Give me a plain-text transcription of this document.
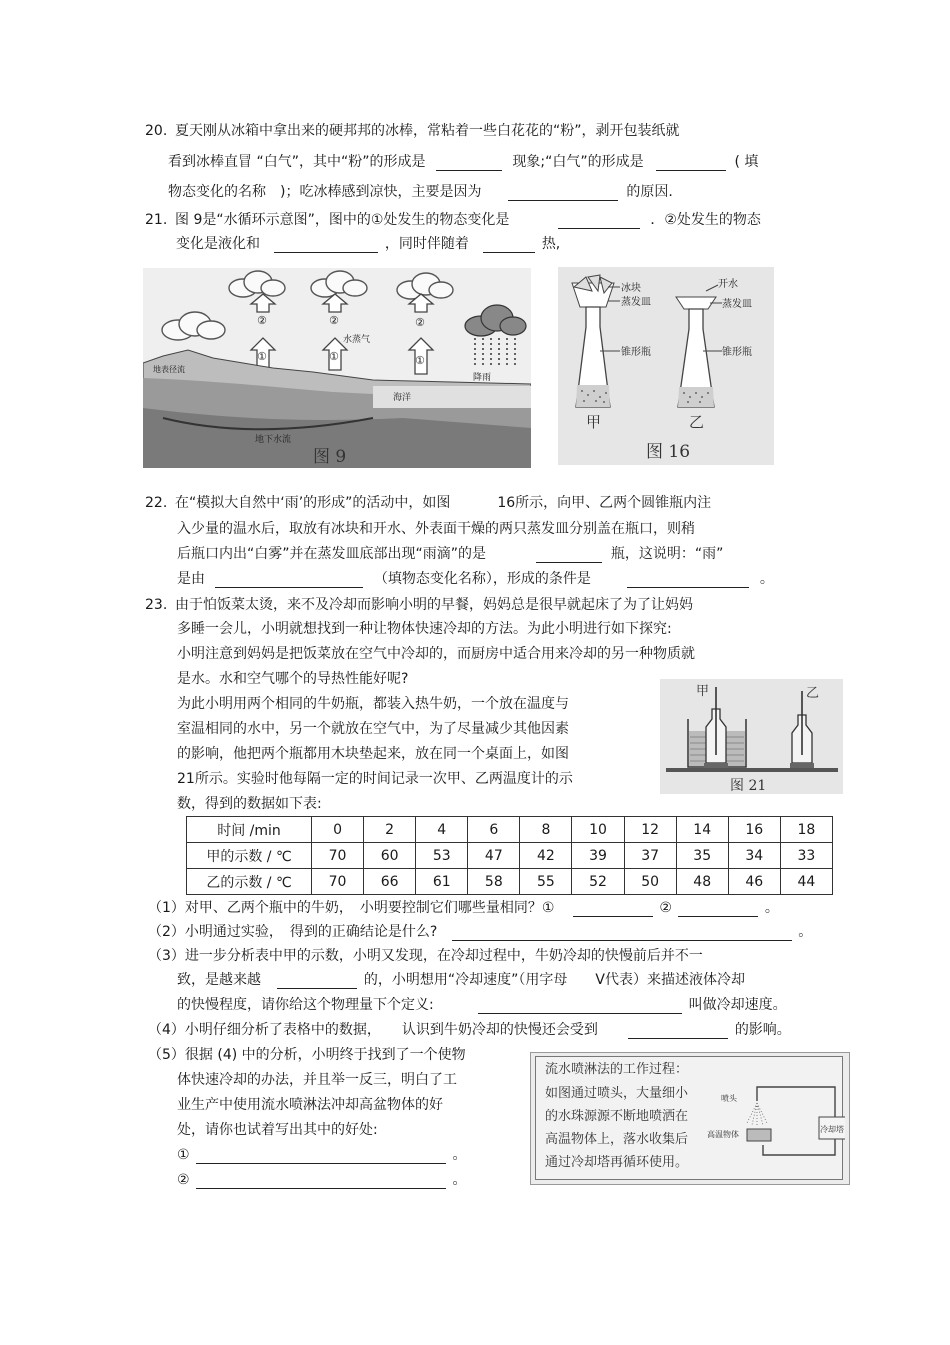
20. 夏天刚从冰箱中拿出来的硬邦邦的冰棒，常粘着一些白花花的“粉”，剥开包装纸就
看到冰棒直冒 “白气”，其中“粉”的形成是	现象;“白气”的形成是	( 填
物态变化的名称　)；吃冰棒感到凉快，主要是因为	的原因.
21. 图 9是“水循环示意图”，图中的①处发生的物态变化是	．②处发生的物态
变化是液化和	，同时伴随着	热,
①	①	①
②	②	②
地下水流
海洋
水蒸气
降雨
地表径流
图 9
冰块
蒸发皿
锥形瓶
甲
开水
蒸发皿
锥形瓶
乙
图 16
22. 在“模拟大自然中‘雨’的形成”的活动中，如图	16所示，向甲、乙两个圆锥瓶内注
入少量的温水后，取放有冰块和开水、外表面干燥的两只蒸发皿分别盖在瓶口，则稍
后瓶口内出“白雾”并在蒸发皿底部出现“雨滴”的是	瓶，这说明：“雨”
是由	（填物态变化名称），形成的条件是	。
23. 由于怕饭菜太烫，来不及冷却而影响小明的早餐，妈妈总是很早就起床了为了让妈妈
多睡一会儿，小明就想找到一种让物体快速冷却的方法。为此小明进行如下探究:
小明注意到妈妈是把饭菜放在空气中冷却的，而厨房中适合用来冷却的另一种物质就
是水。水和空气哪个的导热性能好呢?
为此小明用两个相同的牛奶瓶，都装入热牛奶，一个放在温度与
室温相同的水中，另一个就放在空气中，为了尽量减少其他因素
的影响，他把两个瓶都用木块垫起来，放在同一个桌面上，如图
21所示。实验时他每隔一定的时间记录一次甲、乙两温度计的示
数，得到的数据如下表:
甲	乙
图 21
时间 /min	0	2	4	6	8	10	12	14	16	18
甲的示数 / ℃	70	60	53	47	42	39	37	35	34	33
乙的示数 / ℃	70	66	61	58	55	52	50	48	46	44
（1）对甲、乙两个瓶中的牛奶，　小明要控制它们哪些量相同？①	②	。
（2）小明通过实验，　得到的正确结论是什么?	。
（3）进一步分析表中甲的示数，小明又发现，在冷却过程中，牛奶冷却的快慢前后并不一
致，是越来越	的，小明想用“冷却速度”（用字母　　V代表）来描述液体冷却
的快慢程度，请你给这个物理量下个定义:	叫做冷却速度。
（4）小明仔细分析了表格中的数据，　　认识到牛奶冷却的快慢还会受到	的影响。
（5）很据 (4) 中的分析，小明终于找到了一个使物
体快速冷却的办法，并且举一反三，明白了工
业生产中使用流水喷淋法冲却高盆物体的好
处，请你也试着写出其中的好处:
①	。
②	。
流水喷淋法的工作过程：
如图通过喷头，大量细小
的水珠源源不断地喷洒在
高温物体上，落水收集后
通过冷却塔再循环使用。
冷却塔
喷头
高温物体
